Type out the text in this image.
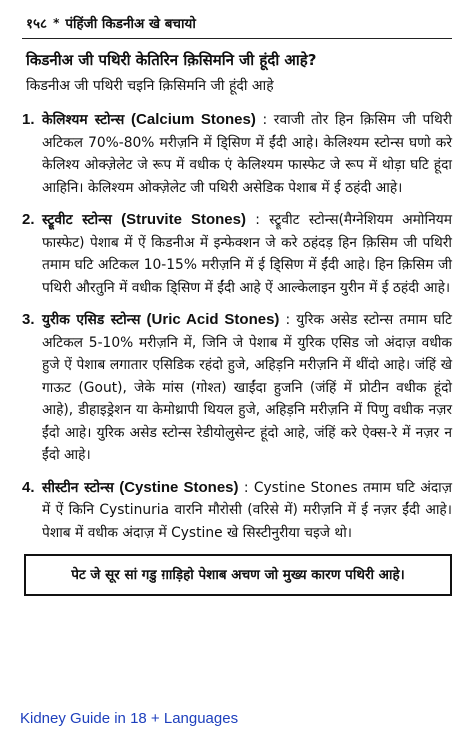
१५८ * पंहिंजी किडनीअ खे बचायो
किडनीअ जी पथिरी केतिरिन क़िसिमनि जी हूंदी आहे?
किडनीअ जी पथिरी चइनि क़िसिमनि जी हूंदी आहे
1. केलिश्यम स्टोन्स (Calcium Stones) : रवाजी तोर हिन क़िसिम जी पथिरी अटिकल 70%-80% मरीज़नि में डि्सिण में ईंदी आहे। केलिश्यम स्टोन्स घणो करे केलिश्य ओक्ज़ेलेट जे रूप में वधीक एं केलिश्यम फास्फेट जे रूप में थोड़ा घटि हूंदा आहिनि। केलिश्यम ओक्ज़ेलेट जी पथिरी असेडिक पेशाब में ई ठहंदी आहे।
2. स्ट्रूवीट स्टोन्स (Struvite Stones) : स्ट्रूवीट स्टोन्स(मैग्नेशियम अमोनियम फास्फेट) पेशाब में ऐं किडनीअ में इन्फेक्शन जे करे ठहंदड़ हिन क़िसिम जी पथिरी तमाम घटि अटिकल 10-15% मरीज़नि में ई डि्सिण में ईंदी आहे। हिन क़िसिम जी पथिरी औरतुनि में वधीक डि्सिण में ईंदी आहे ऐं आल्केलाइन युरीन में ई ठहंदी आहे।
3. युरीक एसिड स्टोन्स (Uric Acid Stones) : युरिक असेड स्टोन्स तमाम घटि अटिकल 5-10% मरीज़नि में, जिनि जे पेशाब में युरिक एसिड जो अंदाज़ वधीक हुजे ऐं पेशाब लगातार एसिडिक रहंदो हुजे, अहिड़नि मरीज़नि में थींदो आहे। जंहिं खे गाऊट (Gout), जेके मांस (गोश्त) खाईंदा हुजनि (जंहिं में प्रोटीन वधीक हूंदो आहे), डीहाइड्रेशन या केमोथ्रापी थियल हुजे, अहिड़नि मरीज़नि में पिणु वधीक नज़र ईंदो आहे। युरिक असेड स्टोन्स रेडीयोलुसेन्ट हूंदो आहे, जंहिं करे ऐक्स-रे में नज़र न ईंदो आहे।
4. सीस्टीन स्टोन्स (Cystine Stones) : Cystine Stones तमाम घटि अंदाज़ में ऐं किनि Cystinuria वारनि मौरोसी (वरिसे में) मरीज़नि में ई नज़र ईंदी आहे। पेशाब में वधीक अंदाज़ में Cystine खे सिस्टीनुरीया चइजे थो।
पेट जे सूर सां गडु ग़ाड़िहो पेशाब अचण जो मुख्य कारण पथिरी आहे।
Kidney Guide in 18 + Languages
